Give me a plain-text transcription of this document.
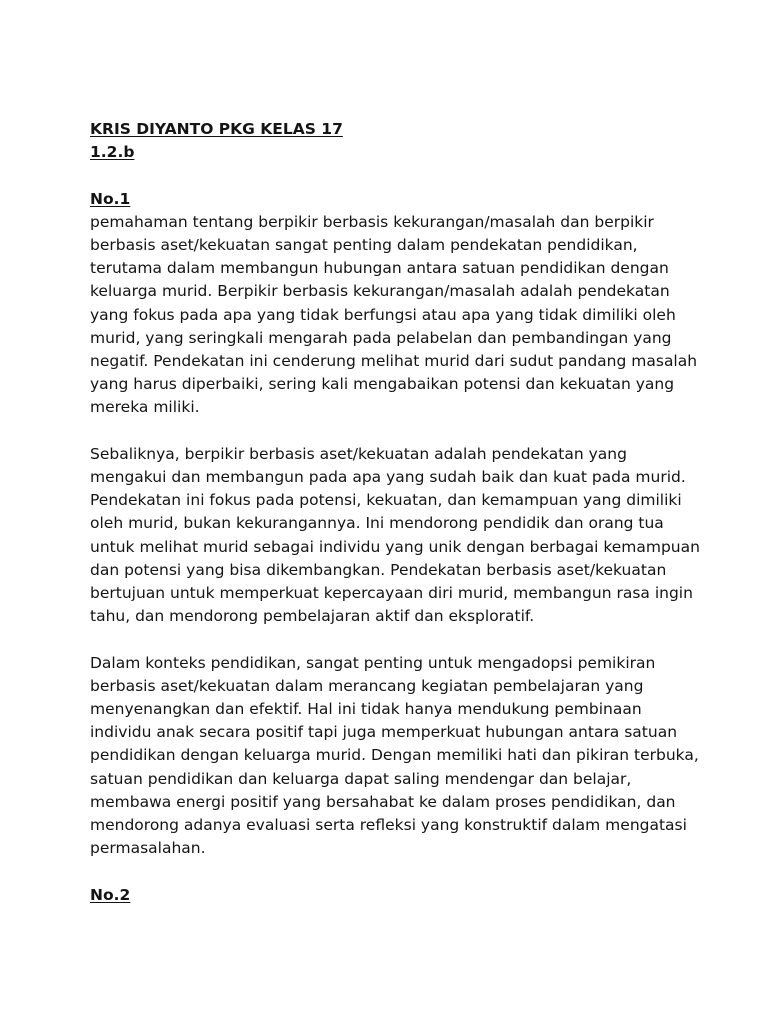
KRIS DIYANTO PKG KELAS 17

1.2.b

No.1

pemahaman tentang berpikir berbasis kekurangan/masalah dan berpikir
berbasis aset/kekuatan sangat penting dalam pendekatan pendidikan,
terutama dalam membangun hubungan antara satuan pendidikan dengan
keluarga murid. Berpikir berbasis kekurangan/masalah adalah pendekatan
yang fokus pada apa yang tidak berfungsi atau apa yang tidak dimiliki oleh
murid, yang seringkali mengarah pada pelabelan dan pembandingan yang
negatif. Pendekatan ini cenderung melihat murid dari sudut pandang masalah
yang harus diperbaiki, sering kali mengabaikan potensi dan kekuatan yang
mereka miliki.
Sebaliknya, berpikir berbasis aset/kekuatan adalah pendekatan yang
mengakui dan membangun pada apa yang sudah baik dan kuat pada murid.
Pendekatan ini fokus pada potensi, kekuatan, dan kemampuan yang dimiliki
oleh murid, bukan kekurangannya. Ini mendorong pendidik dan orang tua
untuk melihat murid sebagai individu yang unik dengan berbagai kemampuan
dan potensi yang bisa dikembangkan. Pendekatan berbasis aset/kekuatan
bertujuan untuk memperkuat kepercayaan diri murid, membangun rasa ingin
tahu, dan mendorong pembelajaran aktif dan eksploratif.
Dalam konteks pendidikan, sangat penting untuk mengadopsi pemikiran
berbasis aset/kekuatan dalam merancang kegiatan pembelajaran yang
menyenangkan dan efektif. Hal ini tidak hanya mendukung pembinaan
individu anak secara positif tapi juga memperkuat hubungan antara satuan
pendidikan dengan keluarga murid. Dengan memiliki hati dan pikiran terbuka,
satuan pendidikan dan keluarga dapat saling mendengar dan belajar,
membawa energi positif yang bersahabat ke dalam proses pendidikan, dan
mendorong adanya evaluasi serta refleksi yang konstruktif dalam mengatasi
permasalahan.

No.2
